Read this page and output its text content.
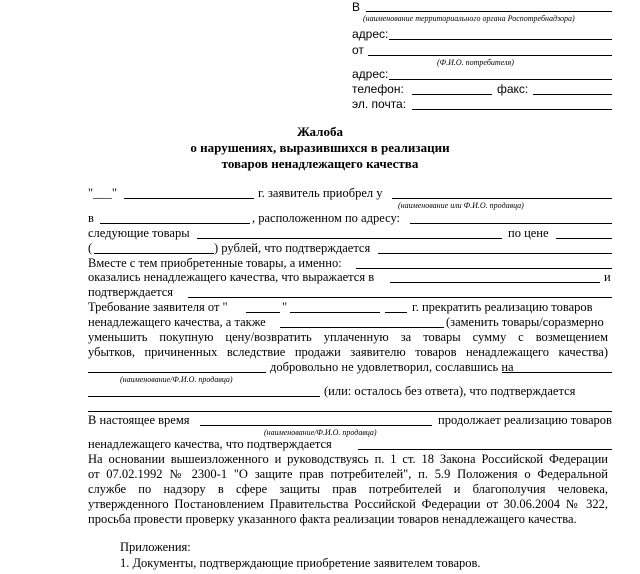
В
(наименование территориального органа Роспотребнадзора)
адрес:
от
(Ф.И.О. потребителя)
адрес:
телефон:	факс:
эл. почта:
Жалоба
о нарушениях, выразившихся в реализации
товаров ненадлежащего качества
"___"	г. заявитель приобрел у
(наименование или Ф.И.О. продавца)
в	, расположенном по адресу:
следующие товары	по цене
(	) рублей, что подтверждается
Вместе с тем приобретенные товары, а именно:
оказались ненадлежащего качества, что выражается в	и
подтверждается
Требование заявителя от "	"	г. прекратить реализацию товаров
ненадлежащего качества, а также	(заменить товары/соразмерно
уменьшить покупную цену/возвратить уплаченную за товары сумму с возмещением
убытков, причиненных вследствие продажи заявителю товаров ненадлежащего качества)
(наименование/Ф.И.О. продавца)
добровольно не удовлетворил, сославшись на
(или: осталось без ответа), что подтверждается
В настоящее время
(наименование/Ф.И.О. продавца)
продолжает реализацию товаров
ненадлежащего качества, что подтверждается
На основании вышеизложенного и руководствуясь п. 1 ст. 18 Закона Российской Федерации
от 07.02.1992 № 2300-1 "О защите прав потребителей", п. 5.9 Положения о Федеральной
службе по надзору в сфере защиты прав потребителей и благополучия человека,
утвержденного Постановлением Правительства Российской Федерации от 30.06.2004 № 322,
просьба провести проверку указанного факта реализации товаров ненадлежащего качества.
Приложения:
1. Документы, подтверждающие приобретение заявителем товаров.
